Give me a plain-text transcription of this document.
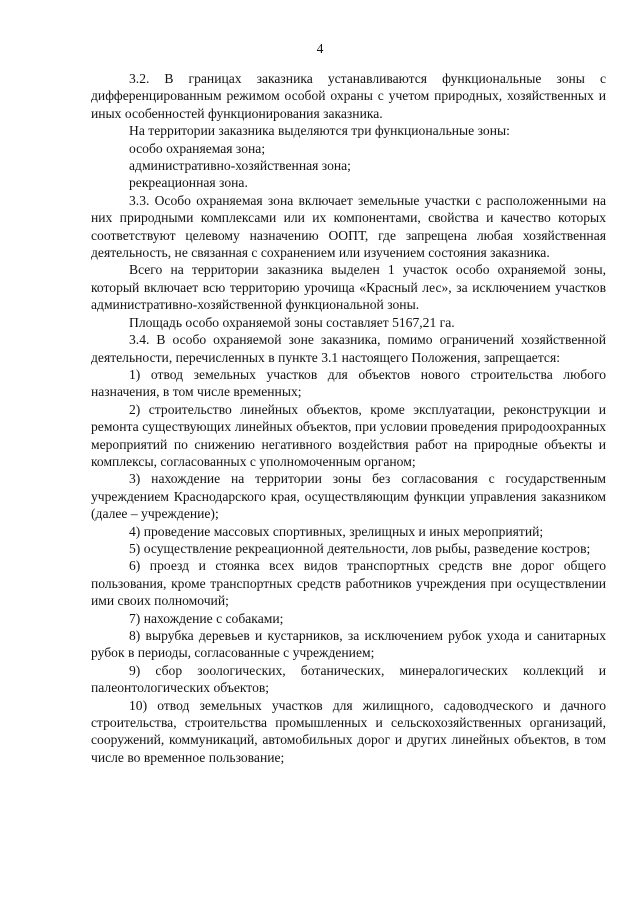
4

3.2. В границах заказника устанавливаются функциональные зоны с дифференцированным режимом особой охраны с учетом природных, хозяйственных и иных особенностей функционирования заказника.

На территории заказника выделяются три функциональные зоны:

особо охраняемая зона;

административно-хозяйственная зона;

рекреационная зона.

3.3. Особо охраняемая зона включает земельные участки с расположенными на них природными комплексами или их компонентами, свойства и качество которых соответствуют целевому назначению ООПТ, где запрещена любая хозяйственная деятельность, не связанная с сохранением или изучением состояния заказника.

Всего на территории заказника выделен 1 участок особо охраняемой зоны, который включает всю территорию урочища «Красный лес», за исключением участков административно-хозяйственной функциональной зоны.

Площадь особо охраняемой зоны составляет 5167,21 га.

3.4. В особо охраняемой зоне заказника, помимо ограничений хозяйственной деятельности, перечисленных в пункте 3.1 настоящего Положения, запрещается:

1) отвод земельных участков для объектов нового строительства любого назначения, в том числе временных;

2) строительство линейных объектов, кроме эксплуатации, реконструкции и ремонта существующих линейных объектов, при условии проведения природоохранных мероприятий по снижению негативного воздействия работ на природные объекты и комплексы, согласованных с уполномоченным органом;

3) нахождение на территории зоны без согласования с государственным учреждением Краснодарского края, осуществляющим функции управления заказником (далее – учреждение);

4) проведение массовых спортивных, зрелищных и иных мероприятий;

5) осуществление рекреационной деятельности, лов рыбы, разведение костров;

6) проезд и стоянка всех видов транспортных средств вне дорог общего пользования, кроме транспортных средств работников учреждения при осуществлении ими своих полномочий;

7) нахождение с собаками;

8) вырубка деревьев и кустарников, за исключением рубок ухода и санитарных рубок в периоды, согласованные с учреждением;

9) сбор зоологических, ботанических, минералогических коллекций и палеонтологических объектов;

10) отвод земельных участков для жилищного, садоводческого и дачного строительства, строительства промышленных и сельскохозяйственных организаций, сооружений, коммуникаций, автомобильных дорог и других линейных объектов, в том числе во временное пользование;
